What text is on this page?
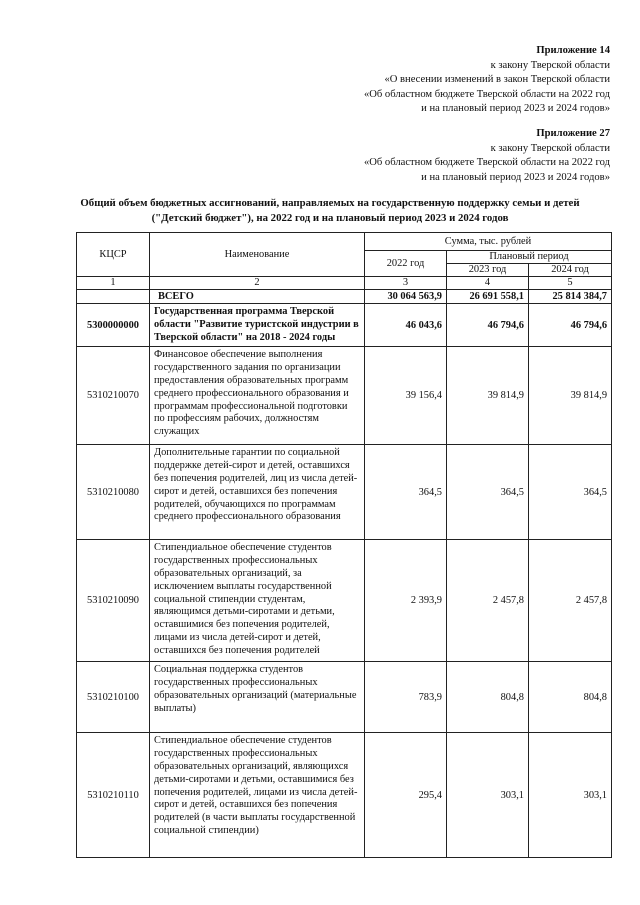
Приложение 14
к закону Тверской области
«О внесении изменений в закон Тверской области
«Об областном бюджете Тверской области на 2022 год
и на плановый период 2023 и 2024 годов»
Приложение 27
к закону Тверской области
«Об областном бюджете Тверской области на 2022 год
и на плановый период 2023 и 2024 годов»
Общий объем бюджетных ассигнований, направляемых на государственную поддержку семьи и детей
("Детский бюджет"), на 2022 год и на плановый период 2023 и 2024 годов
КЦСР	Наименование	Сумма, тыс. рублей		
		2022 год	Плановый период	
			2023 год	2024 год
1	2	3	4	5
	ВСЕГО	30 064 563,9	26 691 558,1	25 814 384,7
5300000000	Государственная программа Тверской области "Развитие туристской индустрии в Тверской области" на 2018 - 2024 годы	46 043,6	46 794,6	46 794,6
5310210070	Финансовое обеспечение выполнения государственного задания по организации предоставления образовательных программ среднего профессионального образования и программам профессиональной подготовки по профессиям рабочих, должностям служащих	39 156,4	39 814,9	39 814,9
5310210080	Дополнительные гарантии по социальной поддержке детей-сирот и детей, оставшихся без попечения родителей, лиц из числа детей-сирот и детей, оставшихся без попечения родителей, обучающихся по программам среднего профессионального образования	364,5	364,5	364,5
5310210090	Стипендиальное обеспечение студентов государственных профессиональных образовательных организаций, за исключением выплаты государственной социальной стипендии студентам, являющимся детьми-сиротами и детьми, оставшимися без попечения родителей, лицами из числа детей-сирот и детей, оставшихся без попечения родителей	2 393,9	2 457,8	2 457,8
5310210100	Социальная поддержка студентов государственных профессиональных образовательных организаций (материальные выплаты)	783,9	804,8	804,8
5310210110	Стипендиальное обеспечение студентов государственных профессиональных образовательных организаций, являющихся детьми-сиротами и детьми, оставшимися без попечения родителей, лицами из числа детей-сирот и детей, оставшихся без попечения родителей (в части выплаты государственной социальной стипендии)	295,4	303,1	303,1
